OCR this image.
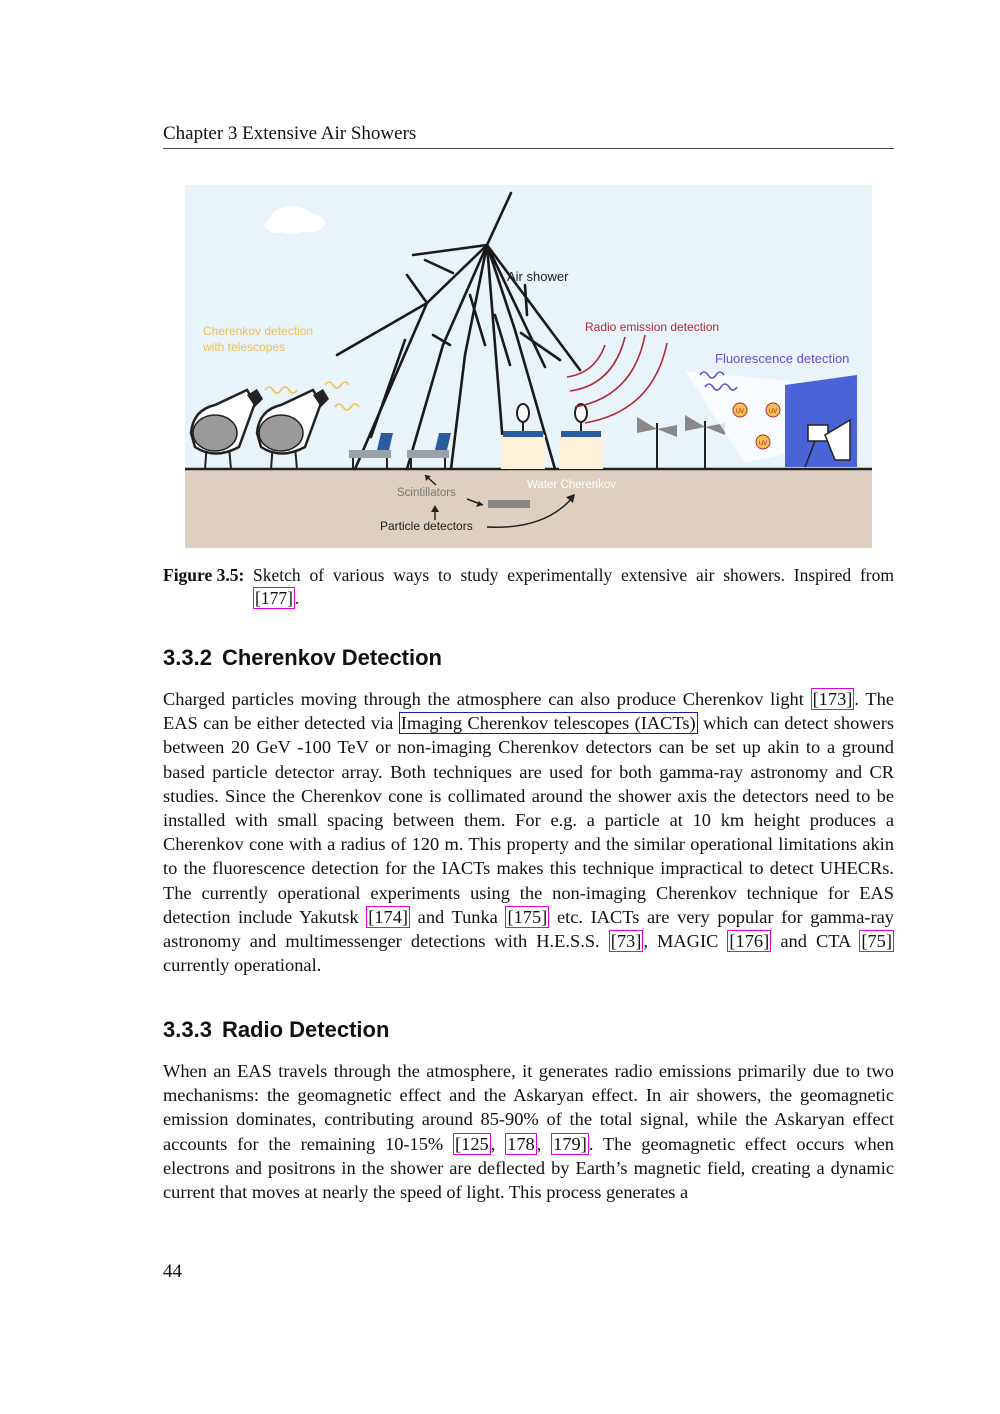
Chapter 3 Extensive Air Showers
UV	UV
UV
Air shower
Cherenkov detection
with telescopes
Radio emission detection
Fluorescence detection
Water Cherenkov
Scintillators
Particle detectors
Figure 3.5: Sketch of various ways to study experimentally extensive air showers. Inspired from [177] .
3.3.2 Cherenkov Detection

Charged particles moving through the atmosphere can also produce Cherenkov light [173] . The EAS can be either detected via Imaging Cherenkov telescopes (IACTs) which can detect showers between 20 GeV -100 TeV or non-imaging Cherenkov detectors can be set up akin to a ground based particle detector array. Both techniques are used for both gamma-ray astronomy and CR studies. Since the Cherenkov cone is collimated around the shower axis the detectors need to be installed with small spacing between them. For e.g. a particle at 10 km height produces a Cherenkov cone with a radius of 120 m. This property and the similar operational limitations akin to the fluorescence detection for the IACTs makes this technique impractical to detect UHECRs. The currently operational experiments using the non-imaging Cherenkov technique for EAS detection include Yakutsk [174] and Tunka [175] etc. IACTs are very popular for gamma-ray astronomy and multimessenger detections with H.E.S.S. [73] , MAGIC [176] and CTA [75] currently operational.

3.3.3 Radio Detection

When an EAS travels through the atmosphere, it generates radio emissions primarily due to two mechanisms: the geomagnetic effect and the Askaryan effect. In air showers, the geomagnetic emission dominates, contributing around 85-90% of the total signal, while the Askaryan effect accounts for the remaining 10-15% [125 , 178 , 179] . The geomagnetic effect occurs when electrons and positrons in the shower are deflected by Earth’s magnetic field, creating a dynamic current that moves at nearly the speed of light. This process generates a

44
